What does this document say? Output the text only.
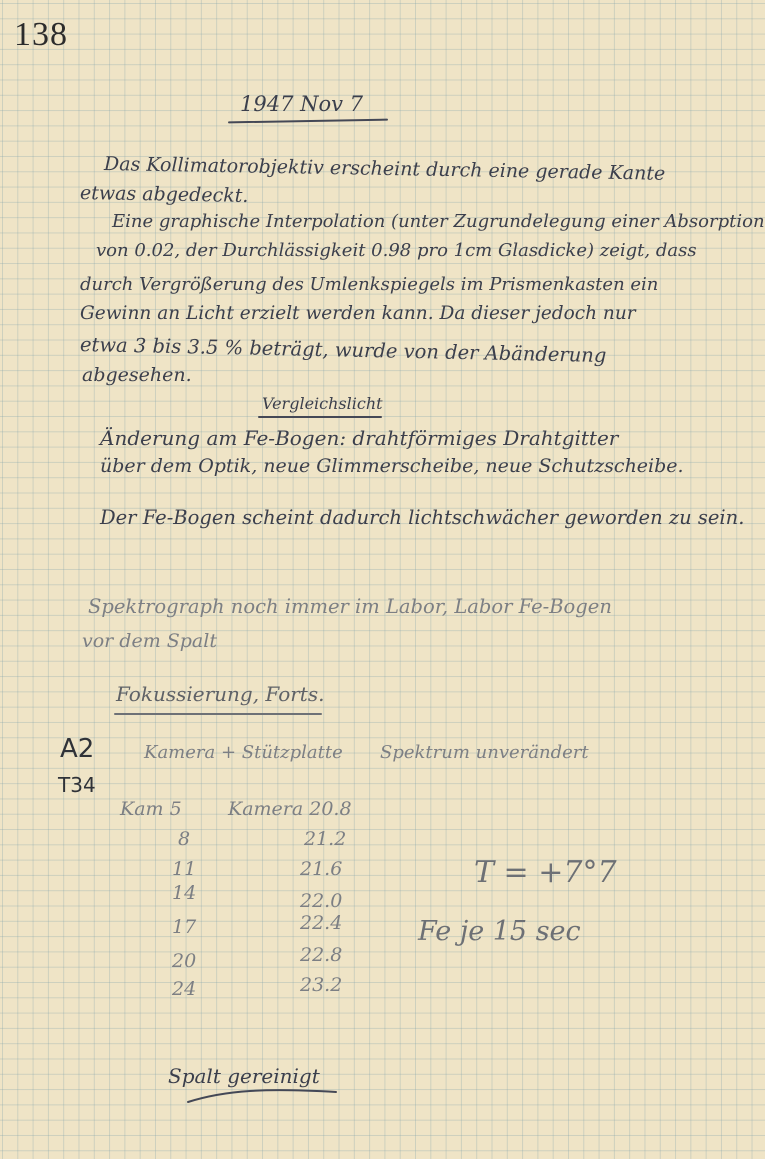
138
1947 Nov 7
Das Kollimatorobjektiv erscheint durch eine gerade Kante
etwas abgedeckt.
Eine graphische Interpolation (unter Zugrundelegung einer Absorption
von 0.02, der Durchlässigkeit 0.98 pro 1cm Glasdicke) zeigt, dass
durch Vergrößerung des Umlenkspiegels im Prismenkasten ein
Gewinn an Licht erzielt werden kann. Da dieser jedoch nur
etwa 3 bis 3.5 % beträgt, wurde von der Abänderung
abgesehen.
Vergleichslicht
Änderung am Fe-Bogen: drahtförmiges Drahtgitter
über dem Optik, neue Glimmerscheibe, neue Schutzscheibe.
Der Fe-Bogen scheint dadurch lichtschwächer geworden zu sein.
Spektrograph noch immer im Labor, Labor Fe-Bogen
vor dem Spalt
Fokussierung, Forts.
A2
T34
Kamera + Stützplatte Spektrum unverändert
Kam 5 Kamera 20.8
8	21.2
11	21.6
14	22.0
17	22.4
20	22.8
24	23.2
T = +7°7
Fe je 15 sec
Spalt gereinigt
